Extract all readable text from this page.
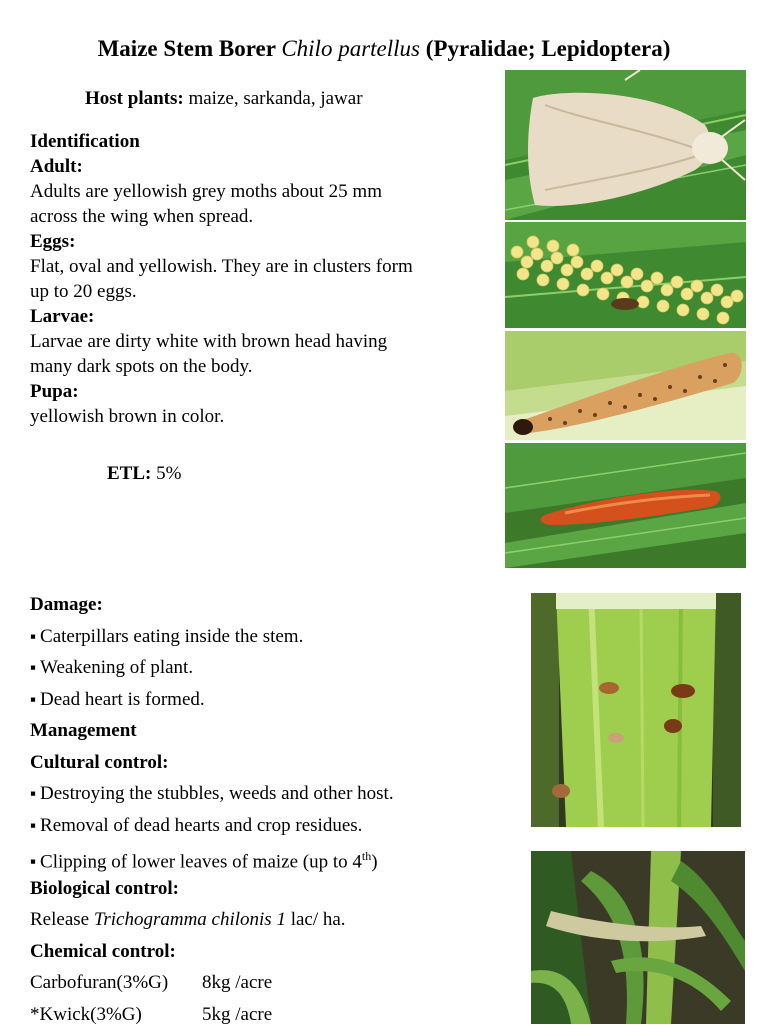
Maize Stem Borer Chilo partellus (Pyralidae; Lepidoptera)
Host plants: maize, sarkanda, jawar
Identification
Adult:
Adults are yellowish grey moths about 25 mm
across the wing when spread.
Eggs:
Flat, oval and yellowish. They are in clusters form
up to 20 eggs.
Larvae:
Larvae are dirty white with brown head having
many dark spots on the body.
Pupa:
yellowish brown in color.
ETL: 5%
Damage:
▪ Caterpillars eating inside the stem.
▪ Weakening of plant.
▪ Dead heart is formed.
Management
Cultural control:
▪ Destroying the stubbles, weeds and other host.
▪ Removal of dead hearts and crop residues.
▪ Clipping of lower leaves of maize (up to 4th)
Biological control:
Release Trichogramma chilonis 1 lac/ ha.
Chemical control:
Carbofuran(3%G) 8kg /acre
*Kwick(3%G)	5kg /acre
